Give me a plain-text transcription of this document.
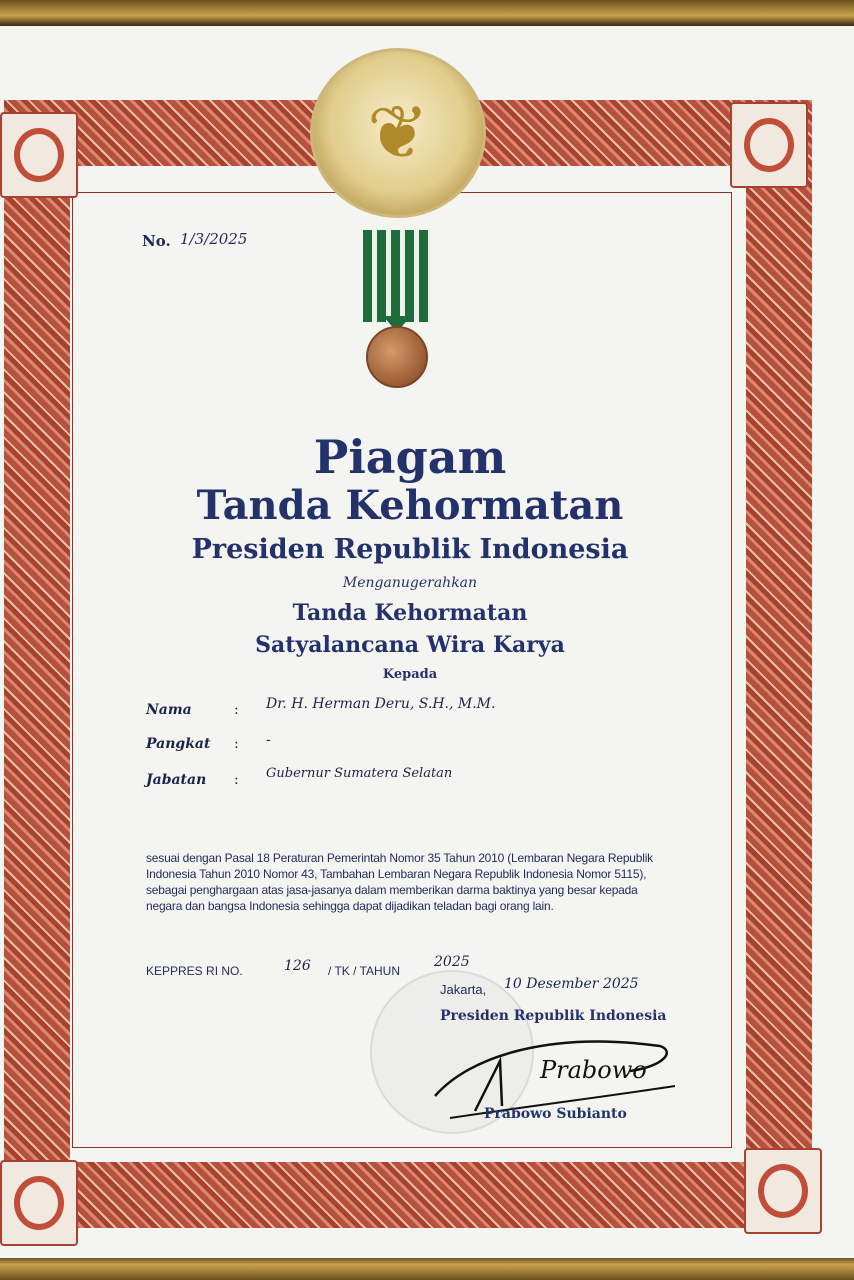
❦

No. 1/3/2025

Piagam

Tanda Kehormatan

Presiden Republik Indonesia

Menganugerahkan

Tanda Kehormatan

Satyalancana Wira Karya

Kepada

Nama	: Dr. H. Herman Deru, S.H., M.M.

Pangkat : -

Jabatan : Gubernur Sumatera Selatan

sesuai dengan Pasal 18 Peraturan Pemerintah Nomor 35 Tahun 2010 (Lembaran Negara Republik
Indonesia Tahun 2010 Nomor 43, Tambahan Lembaran Negara Republik Indonesia Nomor 5115),
sebagai penghargaan atas jasa-jasanya dalam memberikan darma baktinya yang besar kepada
negara dan bangsa Indonesia sehingga dapat dijadikan teladan bagi orang lain.

KEPPRES RI NO.	126 / TK / TAHUN

2025

Jakarta, 10 Desember 2025

Presiden Republik Indonesia

Prabowo

Prabowo Subianto
